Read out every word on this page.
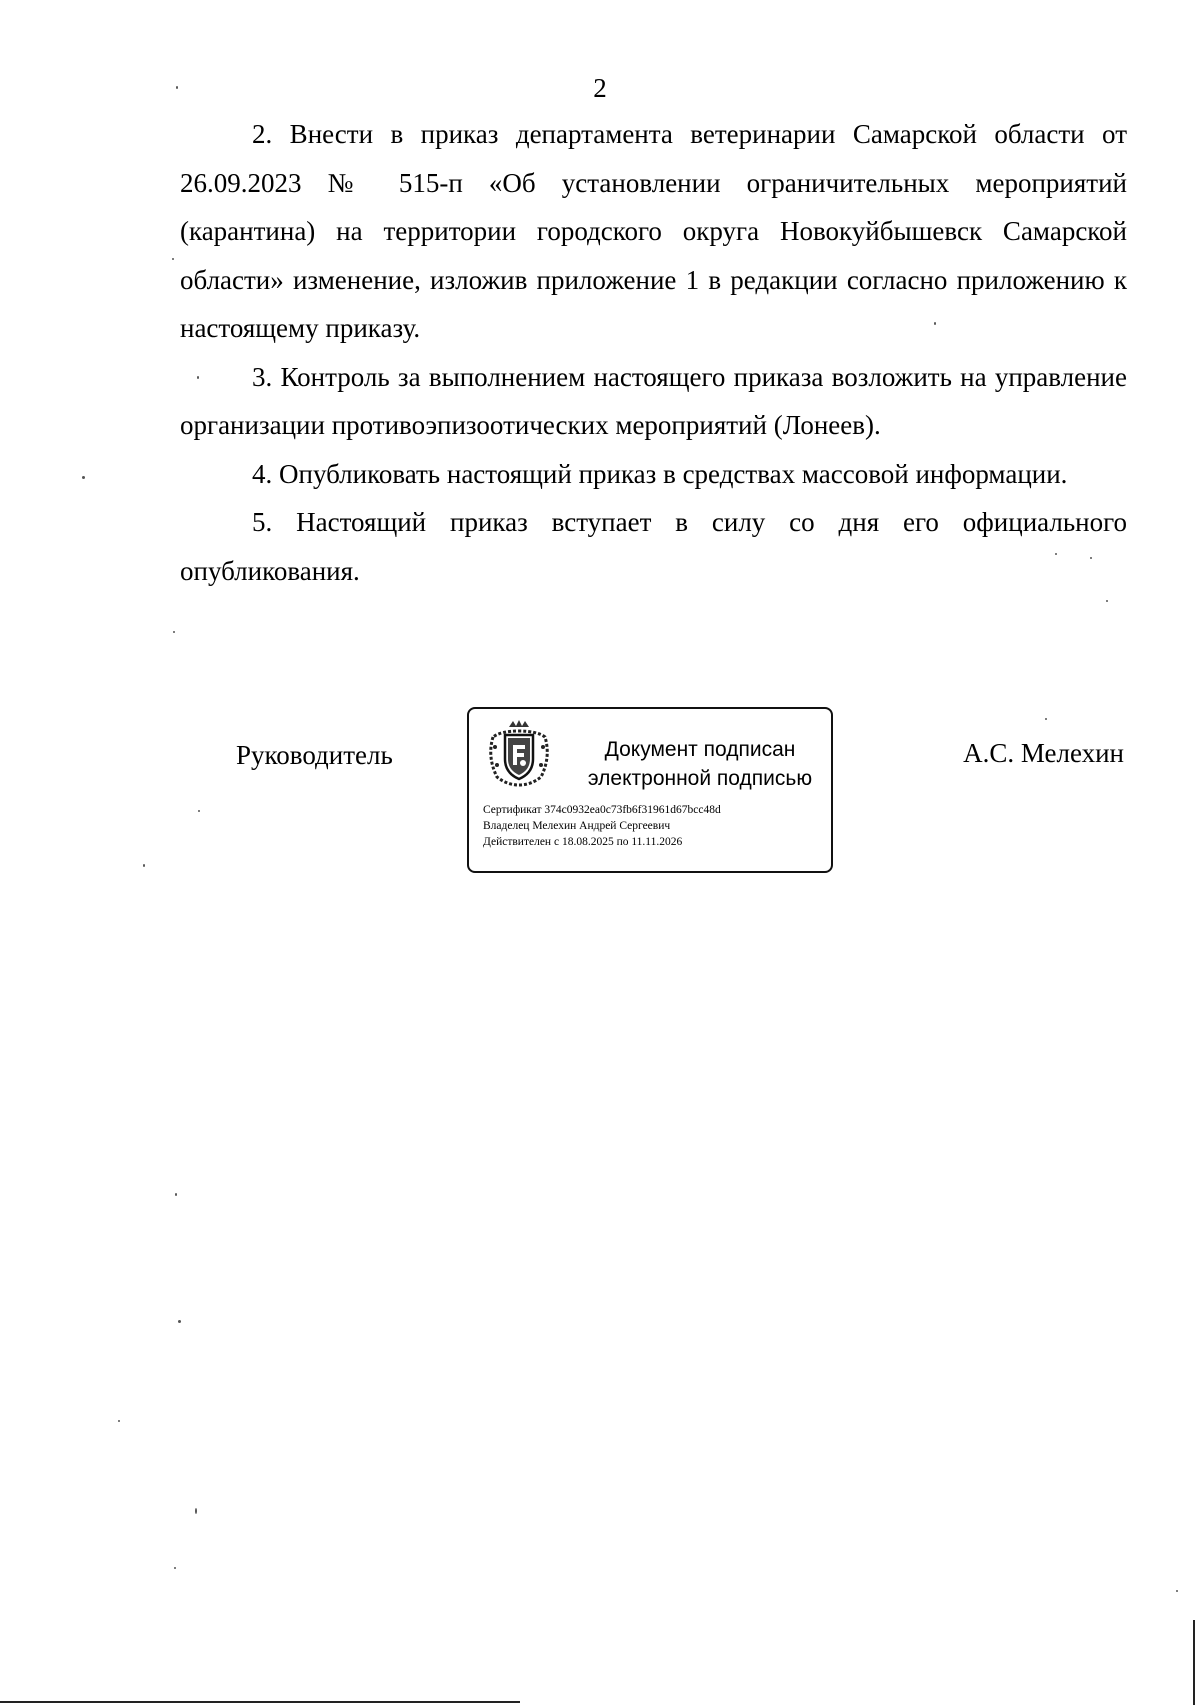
2

2. Внести в приказ департамента ветеринарии Самарской области от 26.09.2023 № 515-п «Об установлении ограничительных мероприятий (карантина) на территории городского округа Новокуйбышевск Самарской области» изменение, изложив приложение 1 в редакции согласно приложению к настоящему приказу.

3. Контроль за выполнением настоящего приказа возложить на управление организации противоэпизоотических мероприятий (Лонеев).

4. Опубликовать настоящий приказ в средствах массовой информации.

5. Настоящий приказ вступает в силу со дня его официального опубликования.

Руководитель	Документ подписан
электронной подписью
Сертификат 374c0932ea0c73fb6f31961d67bcc48d
Владелец Мелехин Андрей Сергеевич
Действителен с 18.08.2025 по 11.11.2026
А.С. Мелехин
